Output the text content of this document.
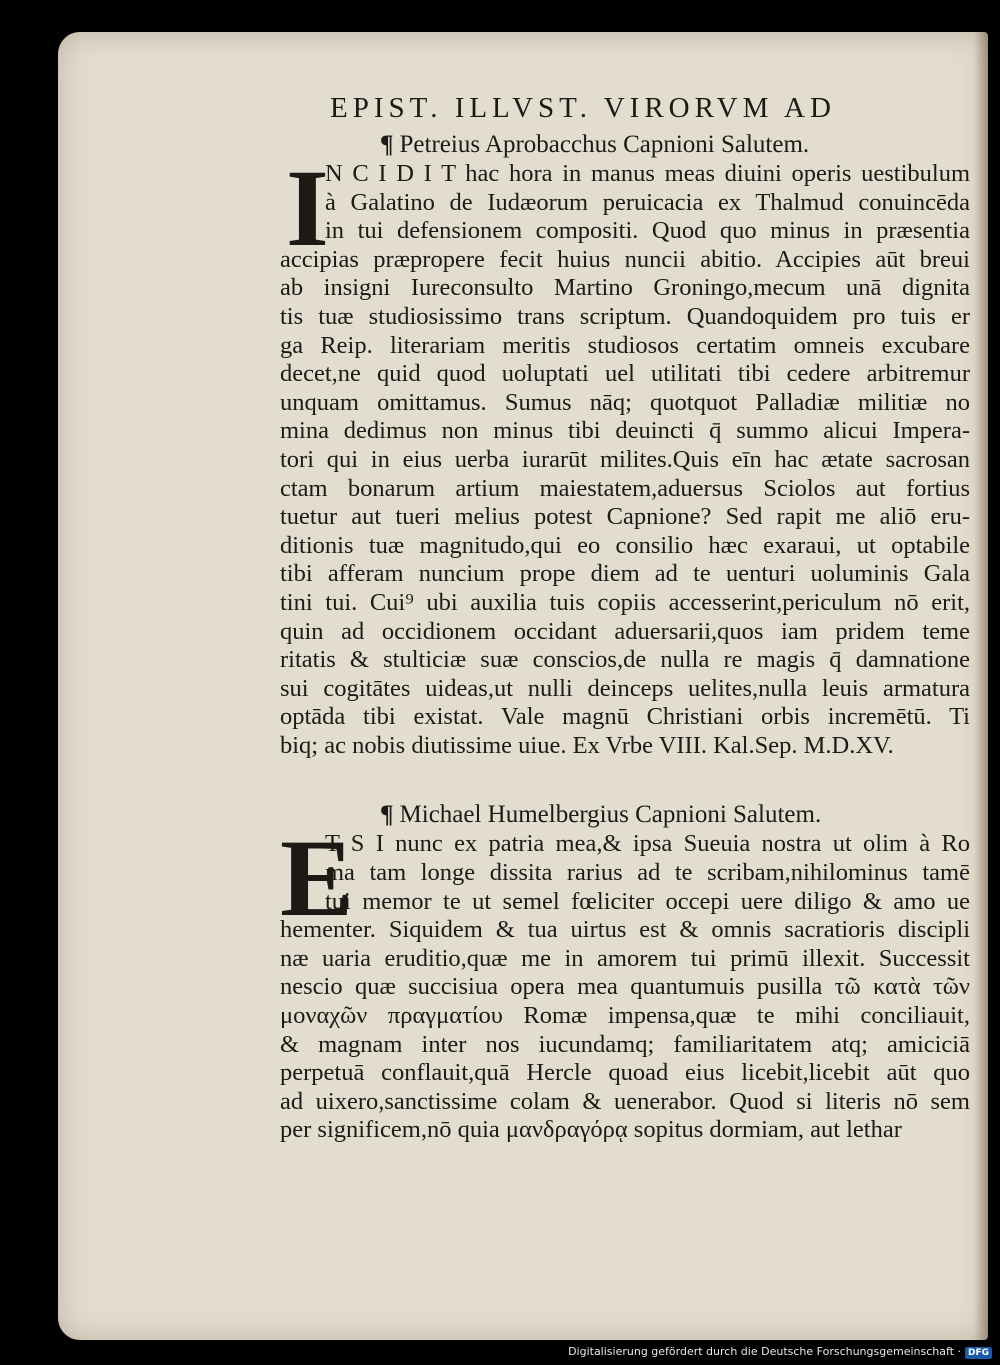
EPIST. ILLVST. VIRORVM AD
¶ Petreius Aprobacchus Capnioni Salutem.
I
N C I D I T hac hora in manus meas diuini operis uestibulum
à Galatino de Iudæorum peruicacia ex Thalmud conuincēda
in tui defensionem compositi. Quod quo minus in præsentia
accipias præpropere fecit huius nuncii abitio. Accipies aūt breui
ab insigni Iureconsulto Martino Groningo,mecum unā dignita
tis tuæ studiosissimo trans scriptum. Quandoquidem pro tuis er
ga Reip. literariam meritis studiosos certatim omneis excubare
decet,ne quid quod uoluptati uel utilitati tibi cedere arbitremur
unquam omittamus. Sumus nāq; quotquot Palladiæ militiæ no
mina dedimus non minus tibi deuincti q̄ summo alicui Impera-
tori qui in eius uerba iurarūt milites.Quis eīn hac ætate sacrosan
ctam bonarum artium maiestatem,aduersus Sciolos aut fortius
tuetur aut tueri melius potest Capnione? Sed rapit me aliō eru-
ditionis tuæ magnitudo,qui eo consilio hæc exaraui, ut optabile
tibi afferam nuncium prope diem ad te uenturi uoluminis Gala
tini tui. Cui⁹ ubi auxilia tuis copiis accesserint,periculum nō erit,
quin ad occidionem occidant aduersarii,quos iam pridem teme
ritatis & stulticiæ suæ conscios,de nulla re magis q̄ damnatione
sui cogitātes uideas,ut nulli deinceps uelites,nulla leuis armatura
optāda tibi existat. Vale magnū Christiani orbis incremētū. Ti
biq; ac nobis diutissime uiue. Ex Vrbe VIII. Kal.Sep. M.D.XV.
¶ Michael Humelbergius Capnioni Salutem.
E
T S I nunc ex patria mea,& ipsa Sueuia nostra ut olim à Ro
ma tam longe dissita rarius ad te scribam,nihilominus tamē
tui memor te ut semel fœliciter occepi uere diligo & amo ue
hementer. Siquidem & tua uirtus est & omnis sacratioris discipli
næ uaria eruditio,quæ me in amorem tui primū illexit. Successit
nescio quæ succisiua opera mea quantumuis pusilla τῶ κατὰ τῶν
μοναχῶν πραγματίου Romæ impensa,quæ te mihi conciliauit,
& magnam inter nos iucundamq; familiaritatem atq; amiciciā
perpetuā conflauit,quā Hercle quoad eius licebit,licebit aūt quo
ad uixero,sanctissime colam & uenerabor. Quod si literis nō sem
per significem,nō quia μανδραγόρᾳ sopitus dormiam, aut lethar
Digitalisierung gefördert durch die Deutsche Forschungsgemeinschaft · DFG
